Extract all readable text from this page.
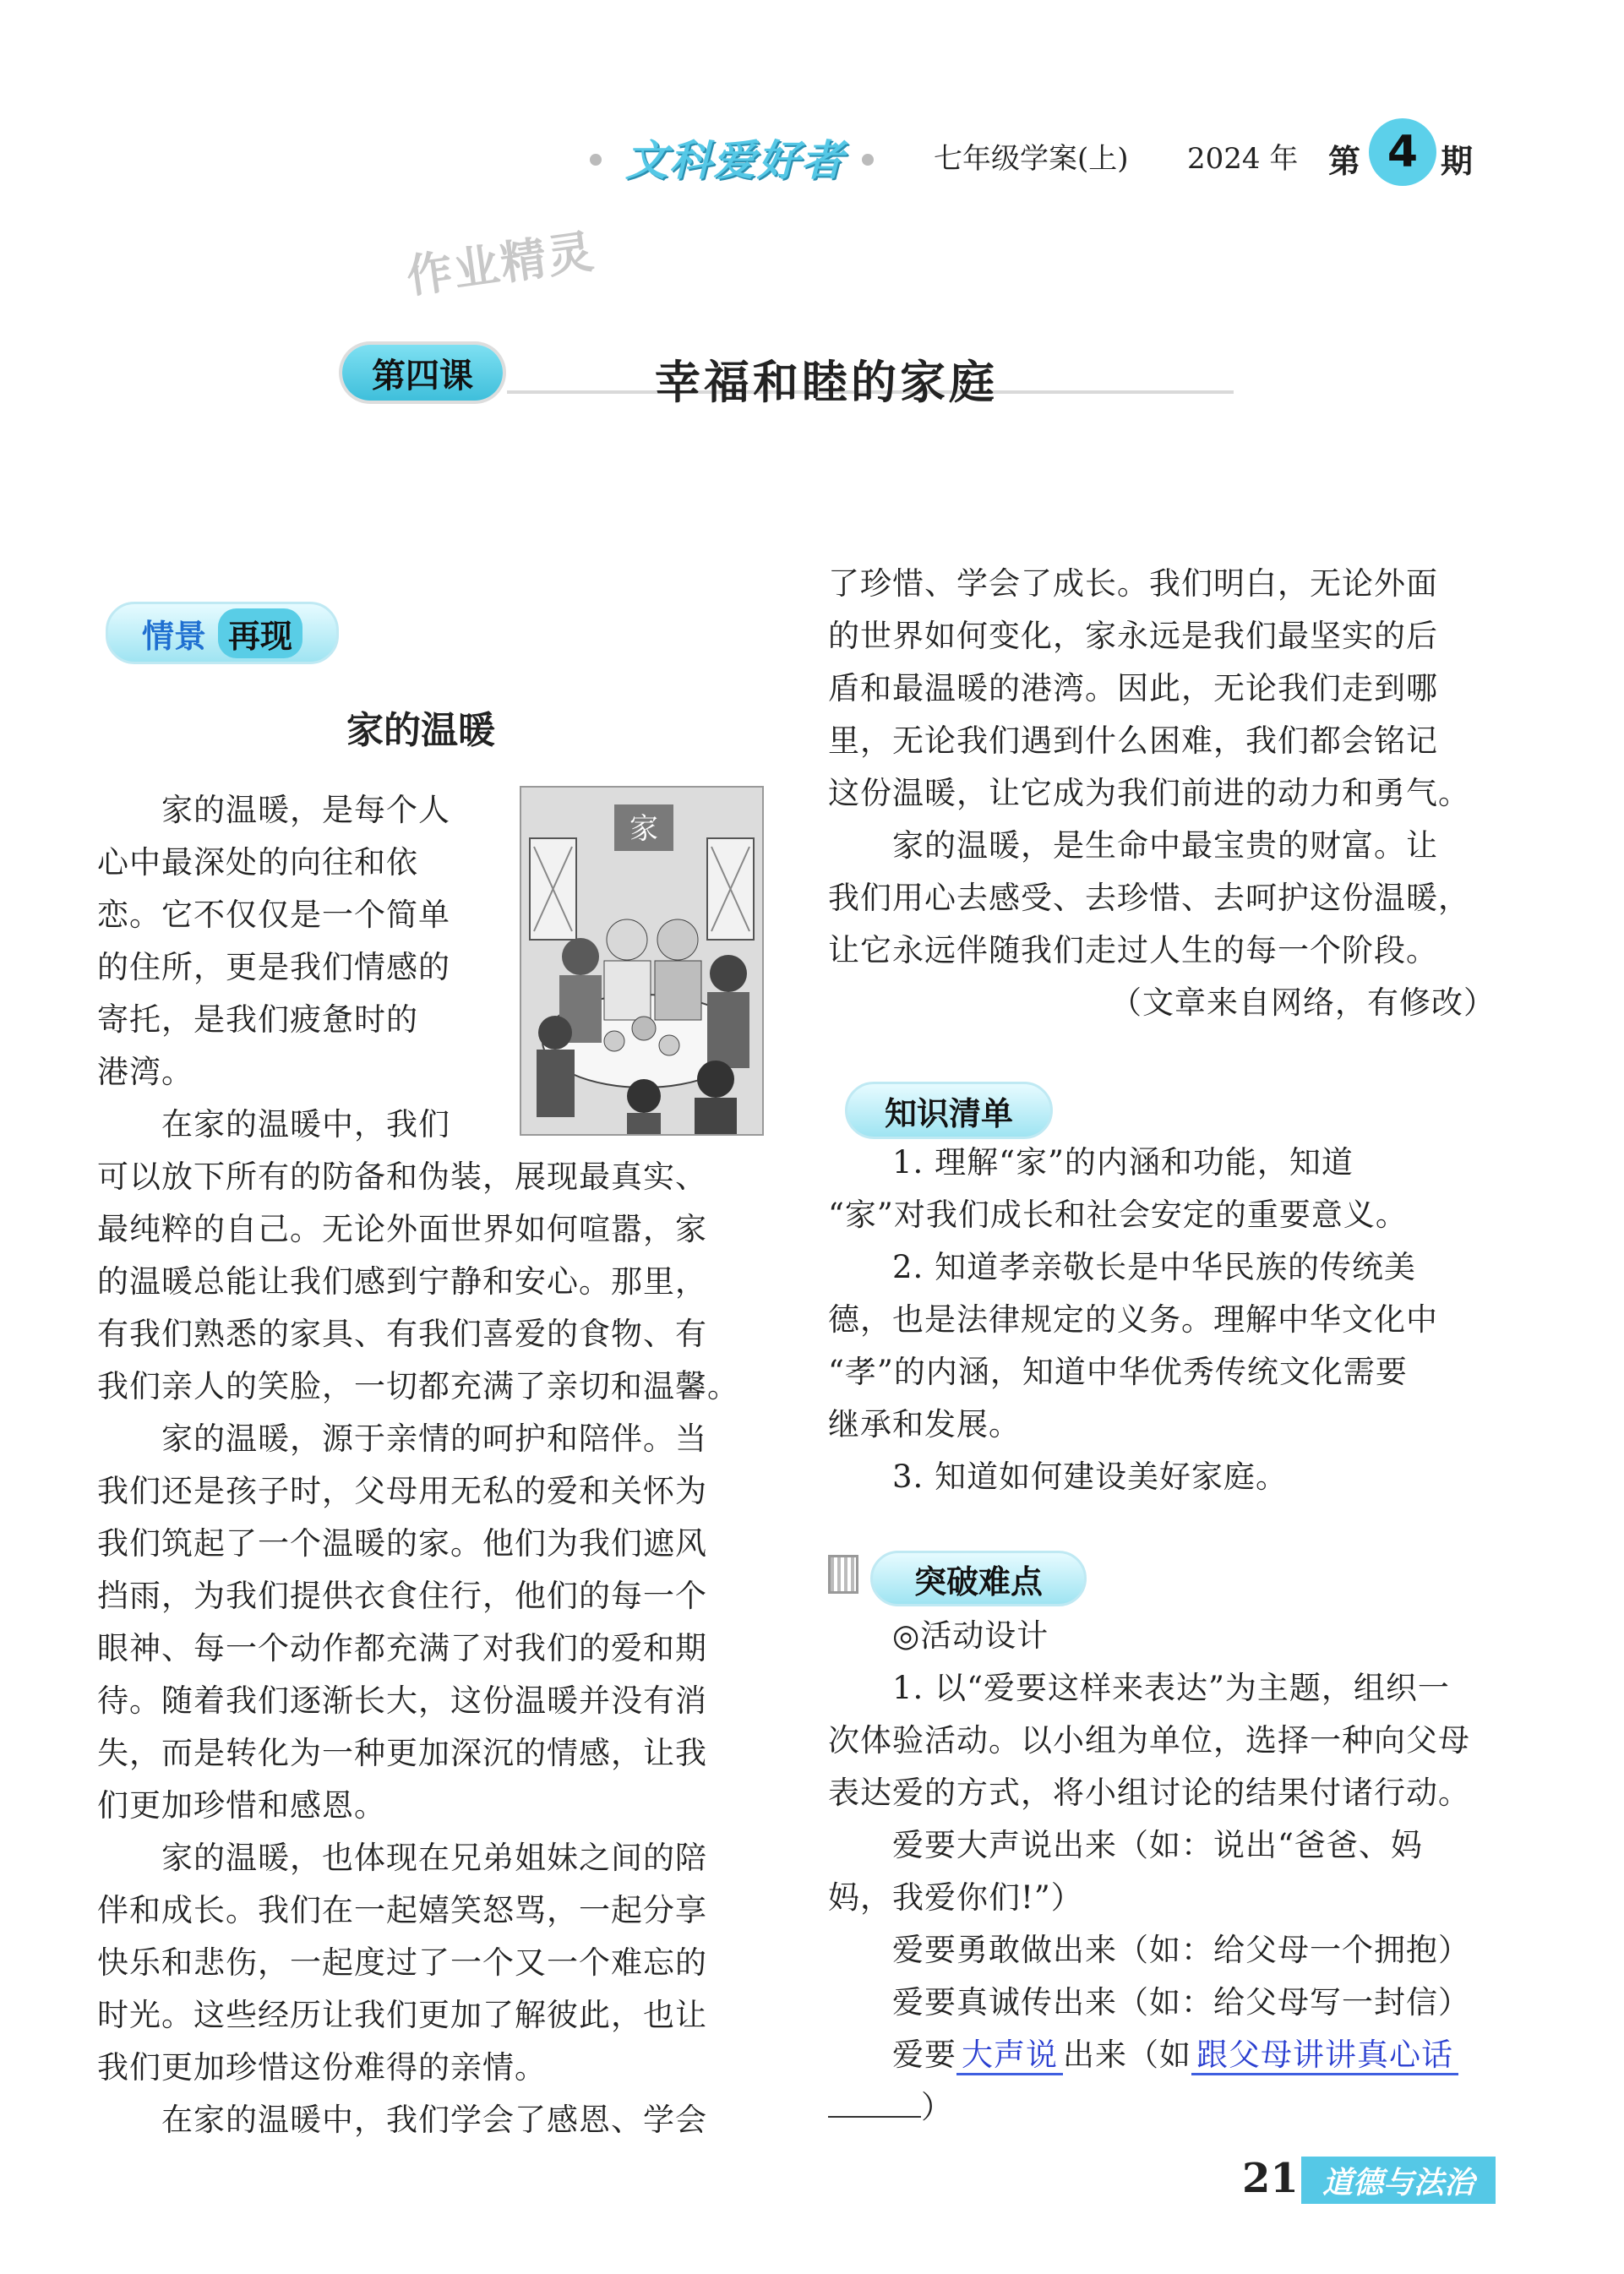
文科爱好者	七年级学案(上) 2024 年 第 4 期
作业精灵
第四课	幸福和睦的家庭
情景 再现
家的温暖
家
　　家的温暖，是每个人
心中最深处的向往和依
恋。它不仅仅是一个简单
的住所，更是我们情感的
寄托，是我们疲惫时的
港湾。
　　在家的温暖中，我们
可以放下所有的防备和伪装，展现最真实、
最纯粹的自己。无论外面世界如何喧嚣，家
的温暖总能让我们感到宁静和安心。那里，
有我们熟悉的家具、有我们喜爱的食物、有
我们亲人的笑脸，一切都充满了亲切和温馨。
　　家的温暖，源于亲情的呵护和陪伴。当
我们还是孩子时，父母用无私的爱和关怀为
我们筑起了一个温暖的家。他们为我们遮风
挡雨，为我们提供衣食住行，他们的每一个
眼神、每一个动作都充满了对我们的爱和期
待。随着我们逐渐长大，这份温暖并没有消
失，而是转化为一种更加深沉的情感，让我
们更加珍惜和感恩。
　　家的温暖，也体现在兄弟姐妹之间的陪
伴和成长。我们在一起嬉笑怒骂，一起分享
快乐和悲伤，一起度过了一个又一个难忘的
时光。这些经历让我们更加了解彼此，也让
我们更加珍惜这份难得的亲情。
　　在家的温暖中，我们学会了感恩、学会
了珍惜、学会了成长。我们明白，无论外面
的世界如何变化，家永远是我们最坚实的后
盾和最温暖的港湾。因此，无论我们走到哪
里，无论我们遇到什么困难，我们都会铭记
这份温暖，让它成为我们前进的动力和勇气。
　　家的温暖，是生命中最宝贵的财富。让
我们用心去感受、去珍惜、去呵护这份温暖，
让它永远伴随我们走过人生的每一个阶段。
（文章来自网络，有修改）
知识清单
　　1. 理解“家”的内涵和功能，知道
“家”对我们成长和社会安定的重要意义。
　　2. 知道孝亲敬长是中华民族的传统美
德，也是法律规定的义务。理解中华文化中
“孝”的内涵，知道中华优秀传统文化需要
继承和发展。
　　3. 知道如何建设美好家庭。
突破难点
　　◎活动设计
　　1. 以“爱要这样来表达”为主题，组织一
次体验活动。以小组为单位，选择一种向父母
表达爱的方式，将小组讨论的结果付诸行动。
　　爱要大声说出来（如：说出“爸爸、妈
妈，我爱你们!”）
　　爱要勇敢做出来（如：给父母一个拥抱）
　　爱要真诚传出来（如：给父母写一封信）
　　爱要 大声说 出来（如 跟父母讲讲真心话
）
21 道德与法治
